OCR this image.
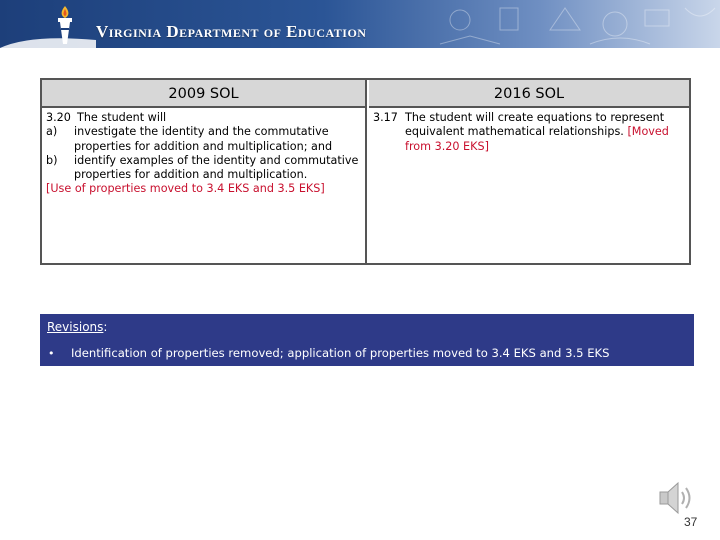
Virginia Department of Education
2009 SOL
3.20 The student will
a)	investigate the identity and the commutative properties for addition and multiplication; and
b)	identify examples of the identity and commutative properties for addition and multiplication.
[Use of properties moved to 3.4 EKS and 3.5 EKS]
2016 SOL
3.17 The student will create equations to represent equivalent mathematical relationships. [Moved from 3.20 EKS]
Revisions:
• Identification of properties removed; application of properties moved to 3.4 EKS and 3.5 EKS
37
